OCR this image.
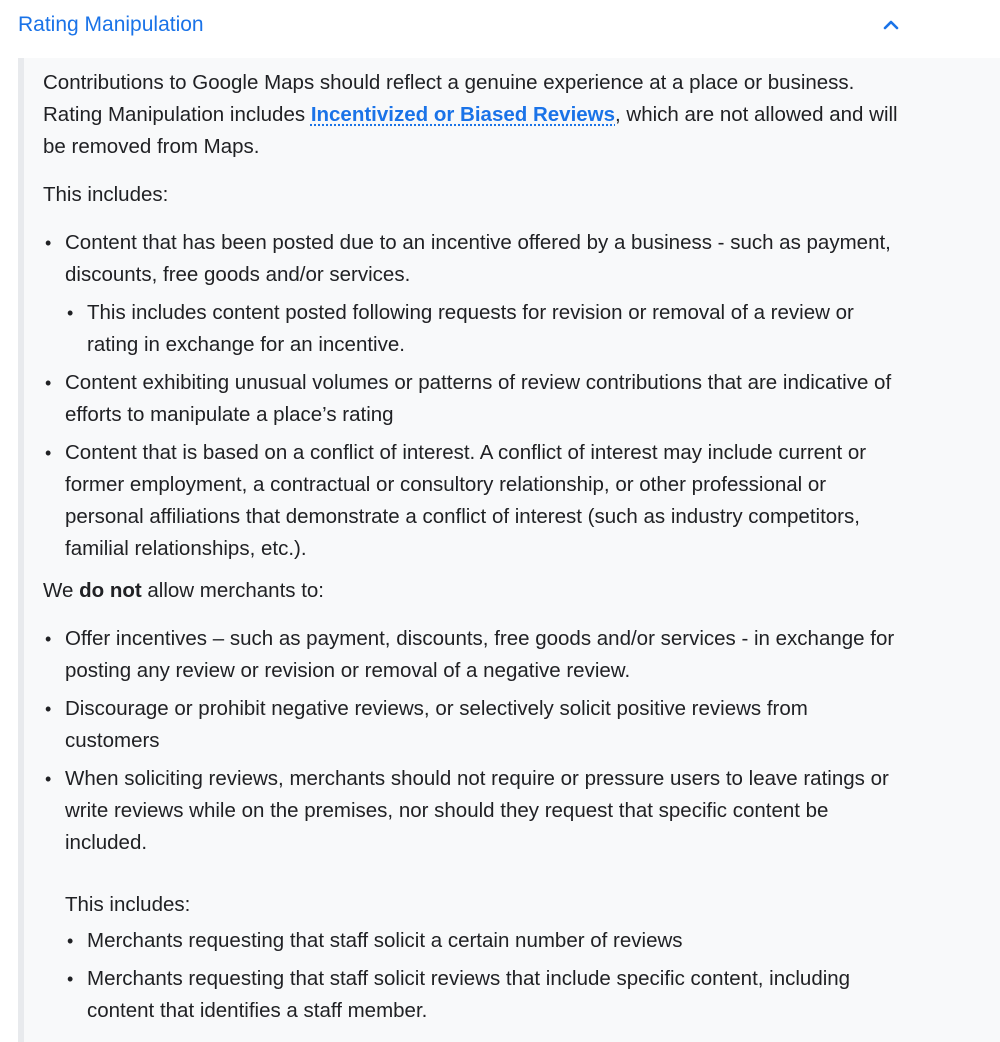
Rating Manipulation

Contributions to Google Maps should reflect a genuine experience at a place or business. Rating Manipulation includes Incentivized or Biased Reviews, which are not allowed and will be removed from Maps.

This includes:

• Content that has been posted due to an incentive offered by a business - such as payment, discounts, free goods and/or services.
• This includes content posted following requests for revision or removal of a review or rating in exchange for an incentive.
• Content exhibiting unusual volumes or patterns of review contributions that are indicative of efforts to manipulate a place’s rating
• Content that is based on a conflict of interest. A conflict of interest may include current or former employment, a contractual or consultory relationship, or other professional or personal affiliations that demonstrate a conflict of interest (such as industry competitors, familial relationships, etc.).

We do not allow merchants to:

• Offer incentives – such as payment, discounts, free goods and/or services - in exchange for posting any review or revision or removal of a negative review.
• Discourage or prohibit negative reviews, or selectively solicit positive reviews from customers
• When soliciting reviews, merchants should not require or pressure users to leave ratings or write reviews while on the premises, nor should they request that specific content be included.

This includes:

• Merchants requesting that staff solicit a certain number of reviews
• Merchants requesting that staff solicit reviews that include specific content, including content that identifies a staff member.
